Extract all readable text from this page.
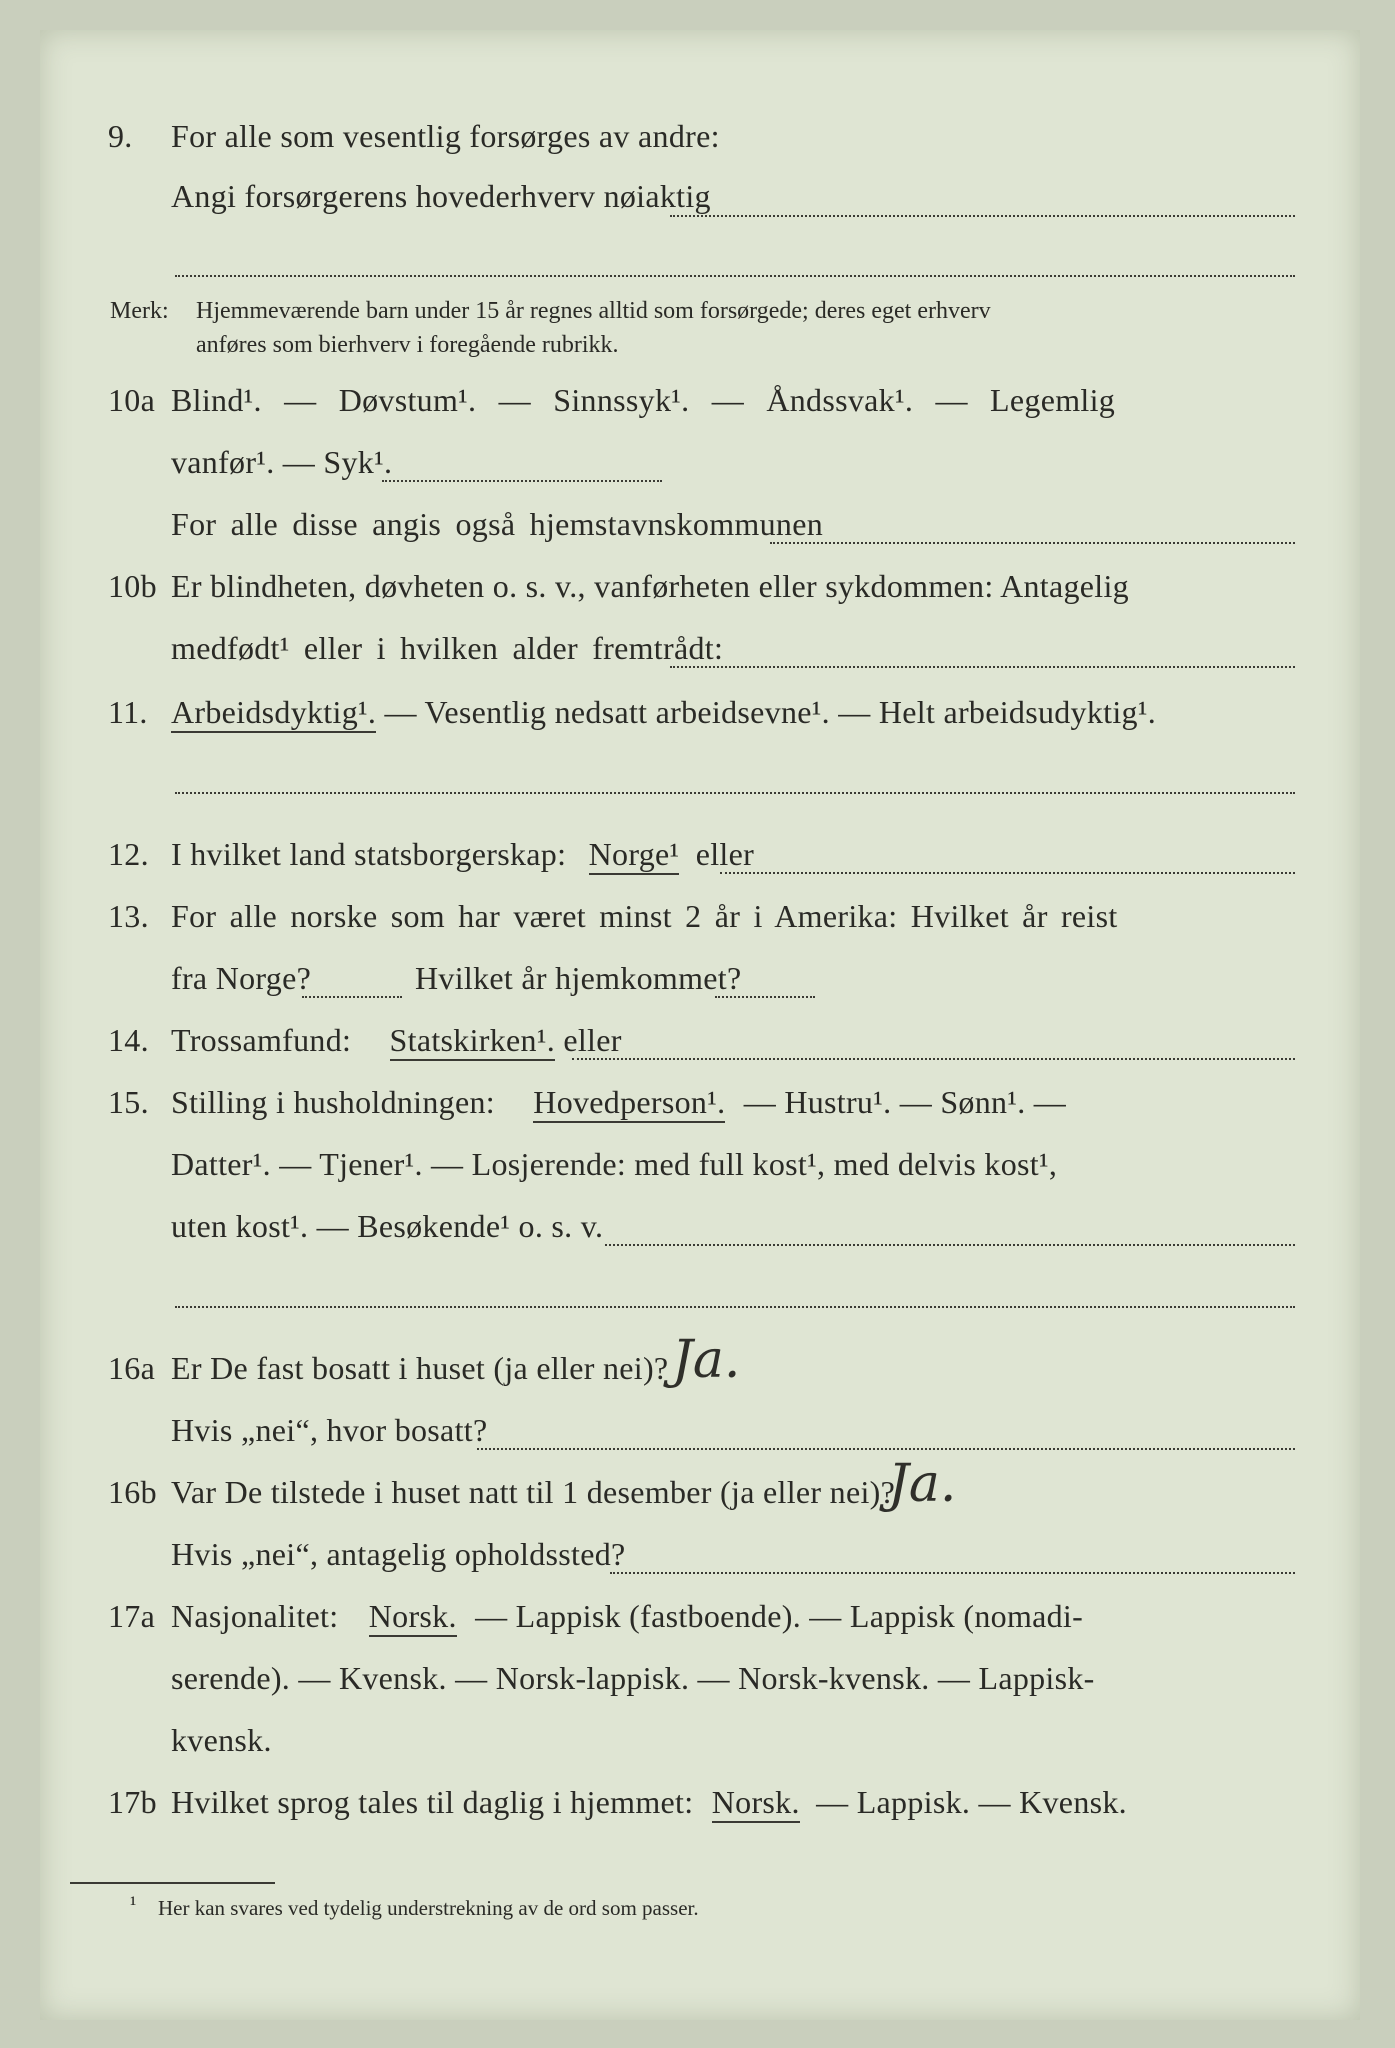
9. For alle som vesentlig forsørges av andre:
Angi forsørgerens hovederhverv nøiaktig
Merk: Hjemmeværende barn under 15 år regnes alltid som forsørgede; deres eget erhverv
anføres som bierhverv i foregående rubrikk.
10a Blind¹. — Døvstum¹. — Sinnssyk¹. — Åndssvak¹. — Legemlig
vanfør¹. — Syk¹.
For alle disse angis også hjemstavnskommunen
10b Er blindheten, døvheten o. s. v., vanførheten eller sykdommen: Antagelig
medfødt¹ eller i hvilken alder fremtrådt:
11. Arbeidsdyktig¹. — Vesentlig nedsatt arbeidsevne¹. — Helt arbeidsudyktig¹.
12. I hvilket land statsborgerskap: Norge¹ eller
13. For alle norske som har været minst 2 år i Amerika: Hvilket år reist
fra Norge?	Hvilket år hjemkommet?
14. Trossamfund: Statskirken¹. eller
15. Stilling i husholdningen: Hovedperson¹. — Hustru¹. — Sønn¹. —
Datter¹. — Tjener¹. — Losjerende: med full kost¹, med delvis kost¹,
uten kost¹. — Besøkende¹ o. s. v.
16a Er De fast bosatt i huset (ja eller nei)? Ja.
Hvis „nei“, hvor bosatt?
16b Var De tilstede i huset natt til 1 desember (ja eller nei)?
Ja.
Hvis „nei“, antagelig opholdssted?
17a Nasjonalitet: Norsk. — Lappisk (fastboende). — Lappisk (nomadi-
serende). — Kvensk. — Norsk-lappisk. — Norsk-kvensk. — Lappisk-
kvensk.
17b Hvilket sprog tales til daglig i hjemmet: Norsk. — Lappisk. — Kvensk.
¹ Her kan svares ved tydelig understrekning av de ord som passer.
